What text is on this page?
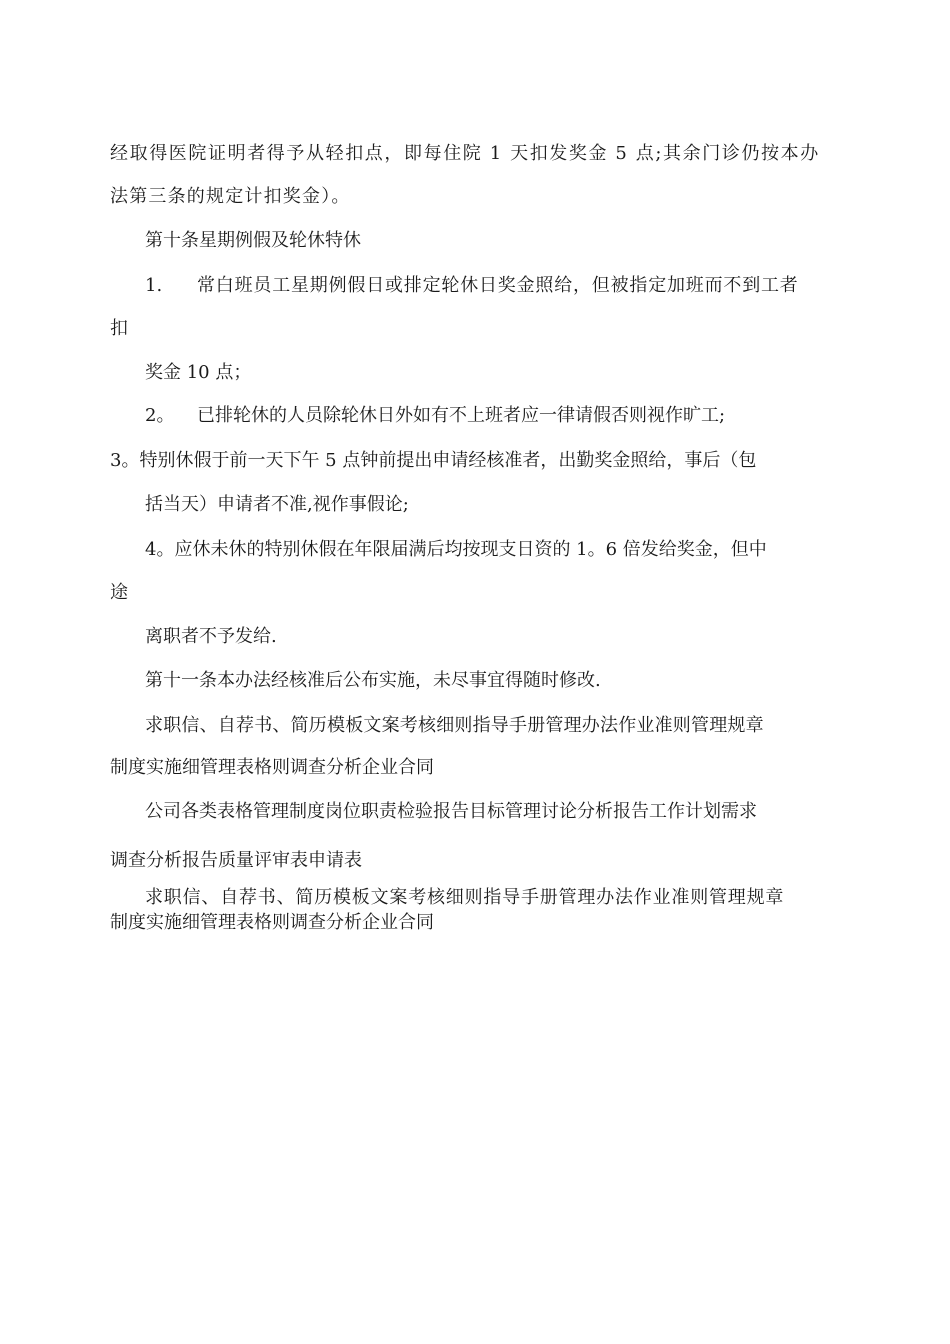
经取得医院证明者得予从轻扣点，即每住院 1 天扣发奖金 5 点;其余门诊仍按本办
法第三条的规定计扣奖金）。
第十条星期例假及轮休特休
1. 常白班员工星期例假日或排定轮休日奖金照给，但被指定加班而不到工者
扣
奖金 10 点；
2。 已排轮休的人员除轮休日外如有不上班者应一律请假否则视作旷工;
3。特别休假于前一天下午 5 点钟前提出申请经核准者，出勤奖金照给，事后（包
括当天）申请者不准,视作事假论;
4。应休未休的特别休假在年限届满后均按现支日资的 1。6 倍发给奖金，但中
途
离职者不予发给.
第十一条本办法经核准后公布实施，未尽事宜得随时修改.
求职信、自荐书、简历模板文案考核细则指导手册管理办法作业准则管理规章
制度实施细管理表格则调查分析企业合同
公司各类表格管理制度岗位职责检验报告目标管理讨论分析报告工作计划需求
调查分析报告质量评审表申请表
求职信、自荐书、简历模板文案考核细则指导手册管理办法作业准则管理规章
制度实施细管理表格则调查分析企业合同
